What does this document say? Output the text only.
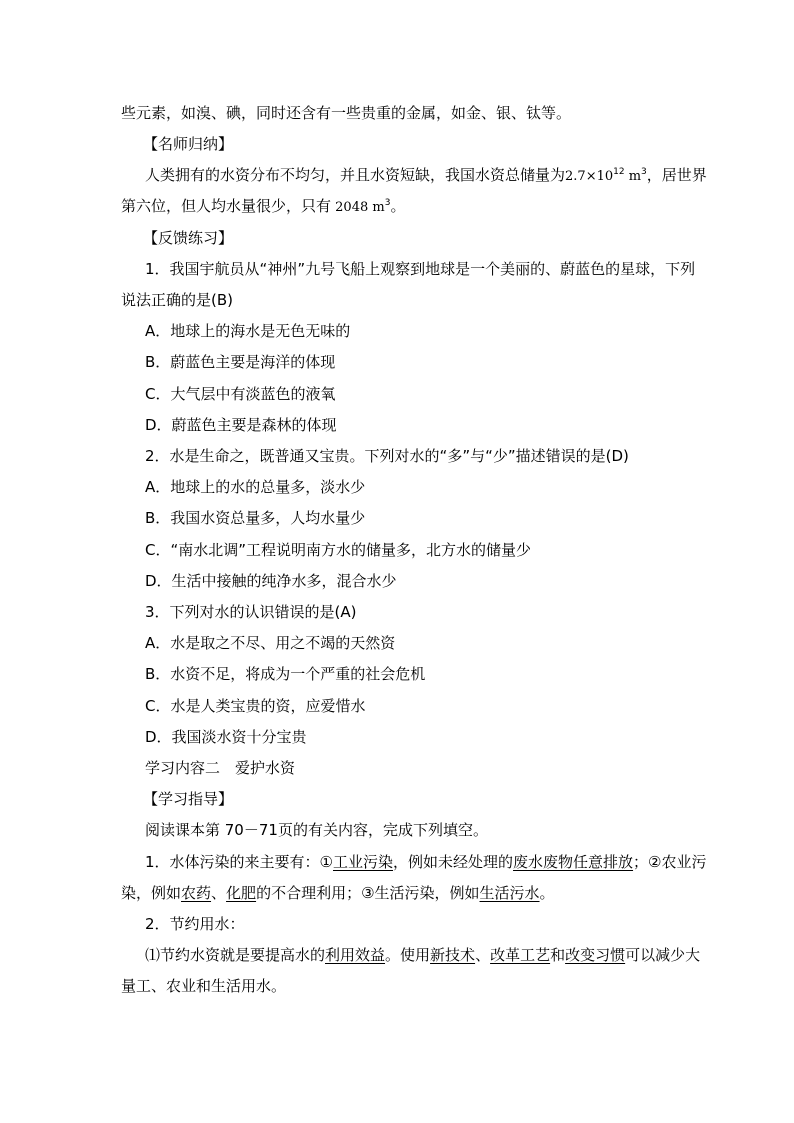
些元素，如溴、碘，同时还含有一些贵重的金属，如金、银、钛等。
【名师归纳】
人类拥有的水资分布不均匀，并且水资短缺，我国水资总储量为$2.7\times 10^{12}$ $m^3$，居世界
第六位，但人均水量很少，只有 2048 $m^3$。
【反馈练习】
1．我国宇航员从“神州”九号飞船上观察到地球是一个美丽的、蔚蓝色的星球，下列
说法正确的是(B)
A．地球上的海水是无色无味的
B．蔚蓝色主要是海洋的体现
C．大气层中有淡蓝色的液氧
D．蔚蓝色主要是森林的体现
2．水是生命之，既普通又宝贵。下列对水的“多”与“少”描述错误的是(D)
A．地球上的水的总量多，淡水少
B．我国水资总量多，人均水量少
C．“南水北调”工程说明南方水的储量多，北方水的储量少
D．生活中接触的纯净水多，混合水少
3．下列对水的认识错误的是(A)
A．水是取之不尽、用之不竭的天然资
B．水资不足，将成为一个严重的社会危机
C．水是人类宝贵的资，应爱惜水
D．我国淡水资十分宝贵
学习内容二　爱护水资
【学习指导】
阅读课本第 70－71页的有关内容，完成下列填空。
1．水体污染的来主要有：①工业污染，例如未经处理的废水废物任意排放；②农业污
染，例如农药、化肥的不合理利用；③生活污染，例如生活污水。
2．节约用水：
⑴节约水资就是要提高水的利用效益。使用新技术、改革工艺和改变习惯可以减少大
量工、农业和生活用水。
